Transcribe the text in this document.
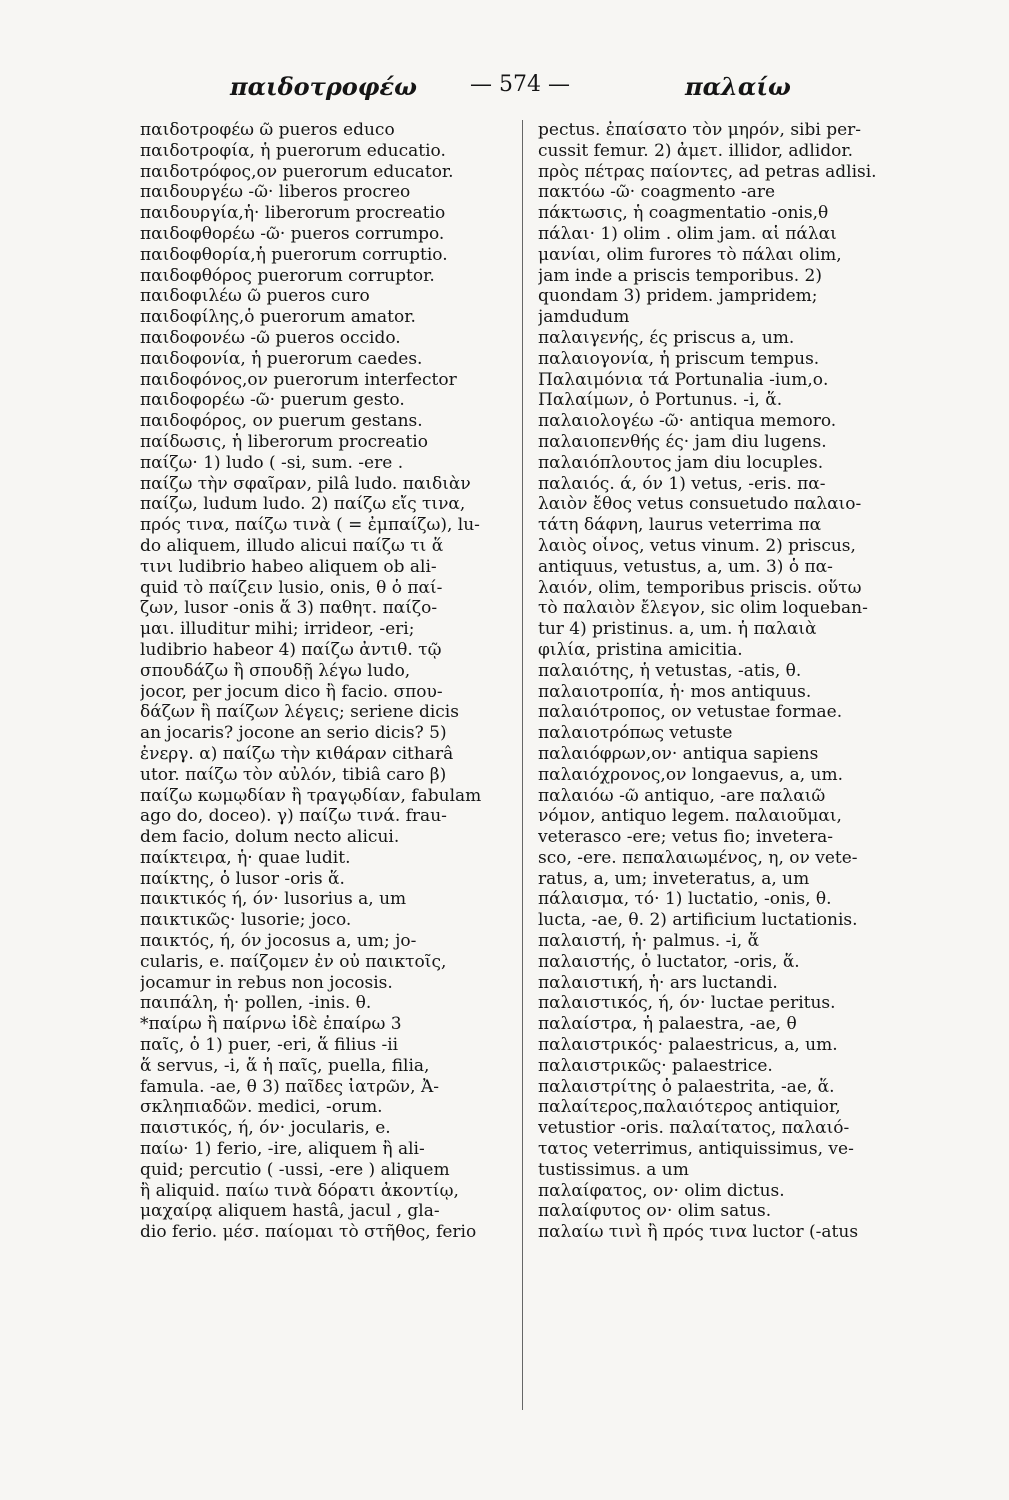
παιδοτροφέω — 574 —	παλαίω
παιδοτροφέω ῶ pueros educo
παιδοτροφία, ἡ puerorum educatio.
παιδοτρόφος,ον puerorum educator.
παιδουργέω -ῶ· liberos procreo
παιδουργία,ἡ· liberorum procreatio
παιδοφθορέω -ῶ· pueros corrumpo.
παιδοφθορία,ἡ puerorum corruptio.
παιδοφθόρος puerorum corruptor.
παιδοφιλέω ῶ pueros curo
παιδοφίλης,ὁ puerorum amator.
παιδοφονέω -ῶ pueros occido.
παιδοφονία, ἡ puerorum caedes.
παιδοφόνος,ον puerorum interfector
παιδοφορέω -ῶ· puerum gesto.
παιδοφόρος, ον puerum gestans.
παίδωσις, ἡ liberorum procreatio
παίζω· 1) ludo ( -si, sum. -ere .
παίζω τὴν σφαῖραν, pilâ ludo. παιδιὰν
παίζω, ludum ludo. 2) παίζω εἴς τινα,
πρός τινα, παίζω τινὰ ( = ἐμπαίζω), lu-
do aliquem, illudo alicui παίζω τι ἅ
τινι ludibrio habeo aliquem ob ali-
quid τὸ παίζειν lusio, onis, θ ὁ παί-
ζων, lusor -onis ἅ 3) παθητ. παίζο-
μαι. illuditur mihi; irrideor, -eri;
ludibrio habeor 4) παίζω ἀντιθ. τῷ
σπουδάζω ἢ σπουδῇ λέγω ludo,
jocor, per jocum dico ἢ facio. σπου-
δάζων ἢ παίζων λέγεις; seriene dicis
an jocaris? jocone an serio dicis? 5)
ἐνεργ. α) παίζω τὴν κιθάραν citharâ
utor. παίζω τὸν αὐλόν, tibiâ caro β)
παίζω κωμῳδίαν ἢ τραγῳδίαν, fabulam
ago do, doceo). γ) παίζω τινά. frau-
dem facio, dolum necto alicui.
παίκτειρα, ἡ· quae ludit.
παίκτης, ὁ lusor -oris ἅ.
παικτικός ή, όν· lusorius a, um
παικτικῶς· lusorie; joco.
παικτός, ή, όν jocosus a, um; jo-
cularis, e. παίζομεν ἐν οὐ παικτοῖς,
jocamur in rebus non jocosis.
παιπάλη, ἡ· pollen, -inis. θ.
*παίρω ἢ παίρνω ἰδὲ ἐπαίρω 3
παῖς, ὁ 1) puer, -eri, ἅ filius -ii
ἅ servus, -i, ἅ ἡ παῖς, puella, filia,
famula. -ae, θ 3) παῖδες ἰατρῶν, Ἀ-
σκληπιαδῶν. medici, -orum.
παιστικός, ή, όν· jocularis, e.
παίω· 1) ferio, -ire, aliquem ἢ ali-
quid; percutio ( -ussi, -ere ) aliquem
ἢ aliquid. παίω τινὰ δόρατι ἀκοντίῳ,
μαχαίρᾳ aliquem hastâ, jacul , gla-
dio ferio. μέσ. παίομαι τὸ στῆθος, ferio
pectus. ἐπαίσατο τὸν μηρόν, sibi per-
cussit femur. 2) ἀμετ. illidor, adlidor.
πρὸς πέτρας παίοντες, ad petras adlisi.
πακτόω -ῶ· coagmento -are
πάκτωσις, ἡ coagmentatio -onis,θ
πάλαι· 1) olim . olim jam. αἱ πάλαι
μανίαι, olim furores τὸ πάλαι olim,
jam inde a priscis temporibus. 2)
quondam 3) pridem. jampridem;
jamdudum
παλαιγενής, ές priscus a, um.
παλαιογονία, ἡ priscum tempus.
Παλαιμόνια τά Portunalia -ium,ο.
Παλαίμων, ὁ Portunus. -i, ἅ.
παλαιολογέω -ῶ· antiqua memoro.
παλαιοπενθής ές· jam diu lugens.
παλαιόπλουτος jam diu locuples.
παλαιός. ά, όν 1) vetus, -eris. πα-
λαιὸν ἔθος vetus consuetudo παλαιο-
τάτη δάφνη, laurus veterrima πα
λαιὸς οἶνος, vetus vinum. 2) priscus,
antiquus, vetustus, a, um. 3) ὁ πα-
λαιόν, olim, temporibus priscis. οὕτω
τὸ παλαιὸν ἔλεγον, sic olim loqueban-
tur 4) pristinus. a, um. ἡ παλαιὰ
φιλία, pristina amicitia.
παλαιότης, ἡ vetustas, -atis, θ.
παλαιοτροπία, ἡ· mos antiquus.
παλαιότροπος, ον vetustae formae.
παλαιοτρόπως vetuste
παλαιόφρων,ον· antiqua sapiens
παλαιόχρονος,ον longaevus, a, um.
παλαιόω -ῶ antiquo, -are παλαιῶ
νόμον, antiquo legem. παλαιοῦμαι,
veterasco -ere; vetus fio; invetera-
sco, -ere. πεπαλαιωμένος, η, ον vete-
ratus, a, um; inveteratus, a, um
πάλαισμα, τό· 1) luctatio, -onis, θ.
lucta, -ae, θ. 2) artificium luctationis.
παλαιστή, ἡ· palmus. -i, ἅ
παλαιστής, ὁ luctator, -oris, ἅ.
παλαιστική, ἡ· ars luctandi.
παλαιστικός, ή, όν· luctae peritus.
παλαίστρα, ἡ palaestra, -ae, θ
παλαιστρικός· palaestricus, a, um.
παλαιστρικῶς· palaestrice.
παλαιστρίτης ὁ palaestrita, -ae, ἅ.
παλαίτερος,παλαιότερος antiquior,
vetustior -oris. παλαίτατος, παλαιό-
τατος veterrimus, antiquissimus, ve-
tustissimus. a um
παλαίφατος, ον· olim dictus.
παλαίφυτος ον· olim satus.
παλαίω τινὶ ἢ πρός τινα luctor (-atus
